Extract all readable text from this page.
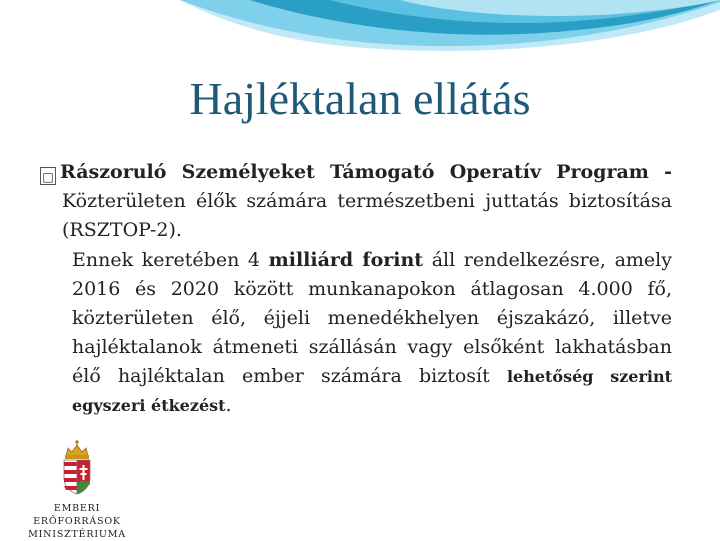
Hajléktalan ellátás

□ Rászoruló Személyeket Támogató Operatív Program - Közterületen élők számára természetbeni juttatás biztosítása (RSZTOP-2).

Ennek keretében 4 milliárd forint áll rendelkezésre, amely 2016 és 2020 között munkanapokon átlagosan 4.000 fő, közterületen élő, éjjeli menedékhelyen éjszakázó, illetve hajléktalanok átmeneti szállásán vagy elsőként lakhatásban élő hajléktalan ember számára biztosít lehetőség szerint egyszeri étkezést.

EMBERI ERŐFORRÁSOK
MINISZTÉRIUMA
